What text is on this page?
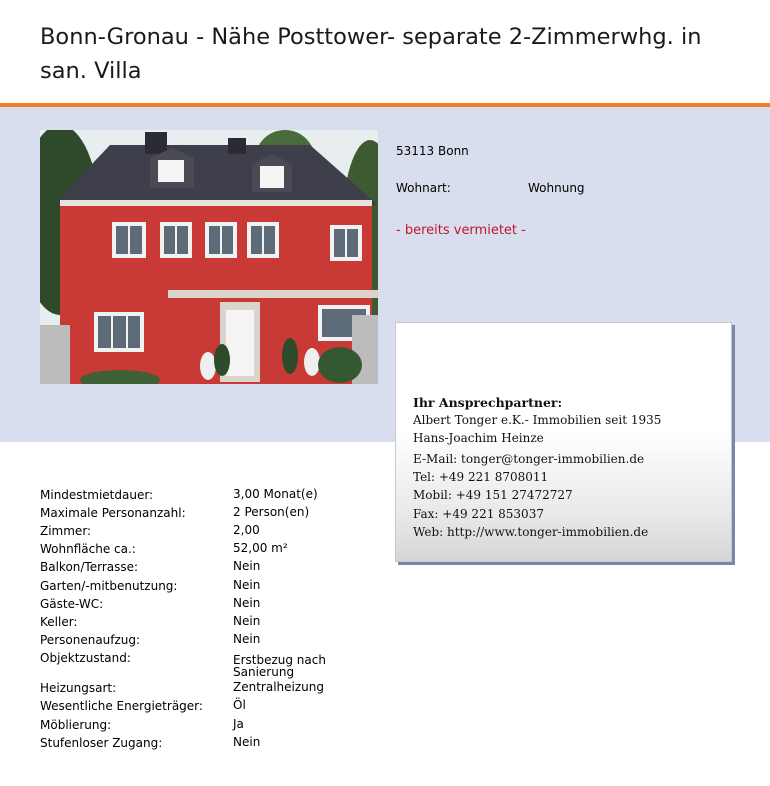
Bonn-Gronau - Nähe Posttower- separate 2-Zimmerwhg. in san. Villa
53113 Bonn
Wohnart:	Wohnung
- bereits vermietet -
Ihr Ansprechpartner:
Albert Tonger e.K.- Immobilien seit 1935
Hans-Joachim Heinze
E-Mail: tonger@tonger-immobilien.de
Tel: +49 221 8708011
Mobil: +49 151 27472727
Fax: +49 221 853037
Web: http://www.tonger-immobilien.de
Mindestmietdauer:	3,00 Monat(e)
Maximale Personanzahl:	2 Person(en)
Zimmer:	2,00
Wohnfläche ca.:	52,00 m²
Balkon/Terrasse:	Nein
Garten/-mitbenutzung:	Nein
Gäste-WC:	Nein
Keller:	Nein
Personenaufzug:	Nein
Objektzustand:	Erstbezug nach Sanierung
Heizungsart:	Zentralheizung
Wesentliche Energieträger:	Öl
Möblierung:	Ja
Stufenloser Zugang:	Nein
